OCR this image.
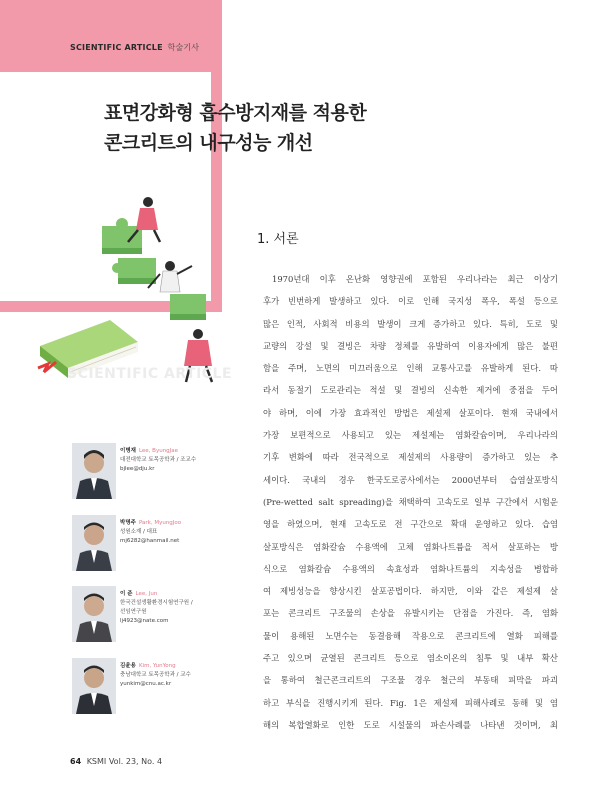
SCIENTIFIC ARTICLE 학술기사
표면강화형 흡수방지재를 적용한
콘크리트의 내구성능 개선
SCIENTIFIC ARTICLE
이병재 Lee, ByungJae
대전대학교 토목공학과 / 조교수
bjlee@dju.kr
박명주 Park, MyungJoo
성원소재 / 대표
mj6282@hanmail.net
이 준 Lee, Jun
한국건설생활환경시험연구원 /
선임연구원
lj4923@nate.com
김윤용 Kim, YunYong
충남대학교 토목공학과 / 교수
yunkim@cnu.ac.kr
1. 서론
1970년대 이후 온난화 영향권에 포함된 우리나라는 최근 이상기
후가 빈번하게 발생하고 있다. 이로 인해 국지성 폭우, 폭설 등으로
많은 인적, 사회적 비용의 발생이 크게 증가하고 있다. 특히, 도로 및
교량의 강설 및 결빙은 차량 정체를 유발하여 이용자에게 많은 불편
함을 주며, 노면의 미끄러움으로 인해 교통사고를 유발하게 된다. 따
라서 동절기 도로관리는 적설 및 결빙의 신속한 제거에 중점을 두어
야 하며, 이에 가장 효과적인 방법은 제설제 살포이다. 현재 국내에서
가장 보편적으로 사용되고 있는 제설제는 염화칼슘이며, 우리나라의
기후 변화에 따라 전국적으로 제설제의 사용량이 증가하고 있는 추
세이다. 국내의 경우 한국도로공사에서는 2000년부터 습염살포방식
(Pre-wetted salt spreading)을 채택하여 고속도로 일부 구간에서 시험운
영을 하였으며, 현재 고속도로 전 구간으로 확대 운영하고 있다. 습염
살포방식은 염화칼슘 수용액에 고체 염화나트륨을 적셔 살포하는 방
식으로 염화칼슘 수용액의 속효성과 염화나트륨의 지속성을 병합하
여 제빙성능을 향상시킨 살포공법이다. 하지만, 이와 같은 제설제 살
포는 콘크리트 구조물의 손상을 유발시키는 단점을 가진다. 즉, 염화
물이 용해된 노면수는 동결융해 작용으로 콘크리트에 열화 피해를
주고 있으며 균열된 콘크리트 등으로 염소이온의 침투 및 내부 확산
을 통하여 철근콘크리트의 구조물 경우 철근의 부동태 피막을 파괴
하고 부식을 진행시키게 된다. Fig. 1은 제설제 피해사례로 동해 및 염
해의 복합열화로 인한 도로 시설물의 파손사례를 나타낸 것이며, 최
64 KSMI Vol. 23, No. 4
